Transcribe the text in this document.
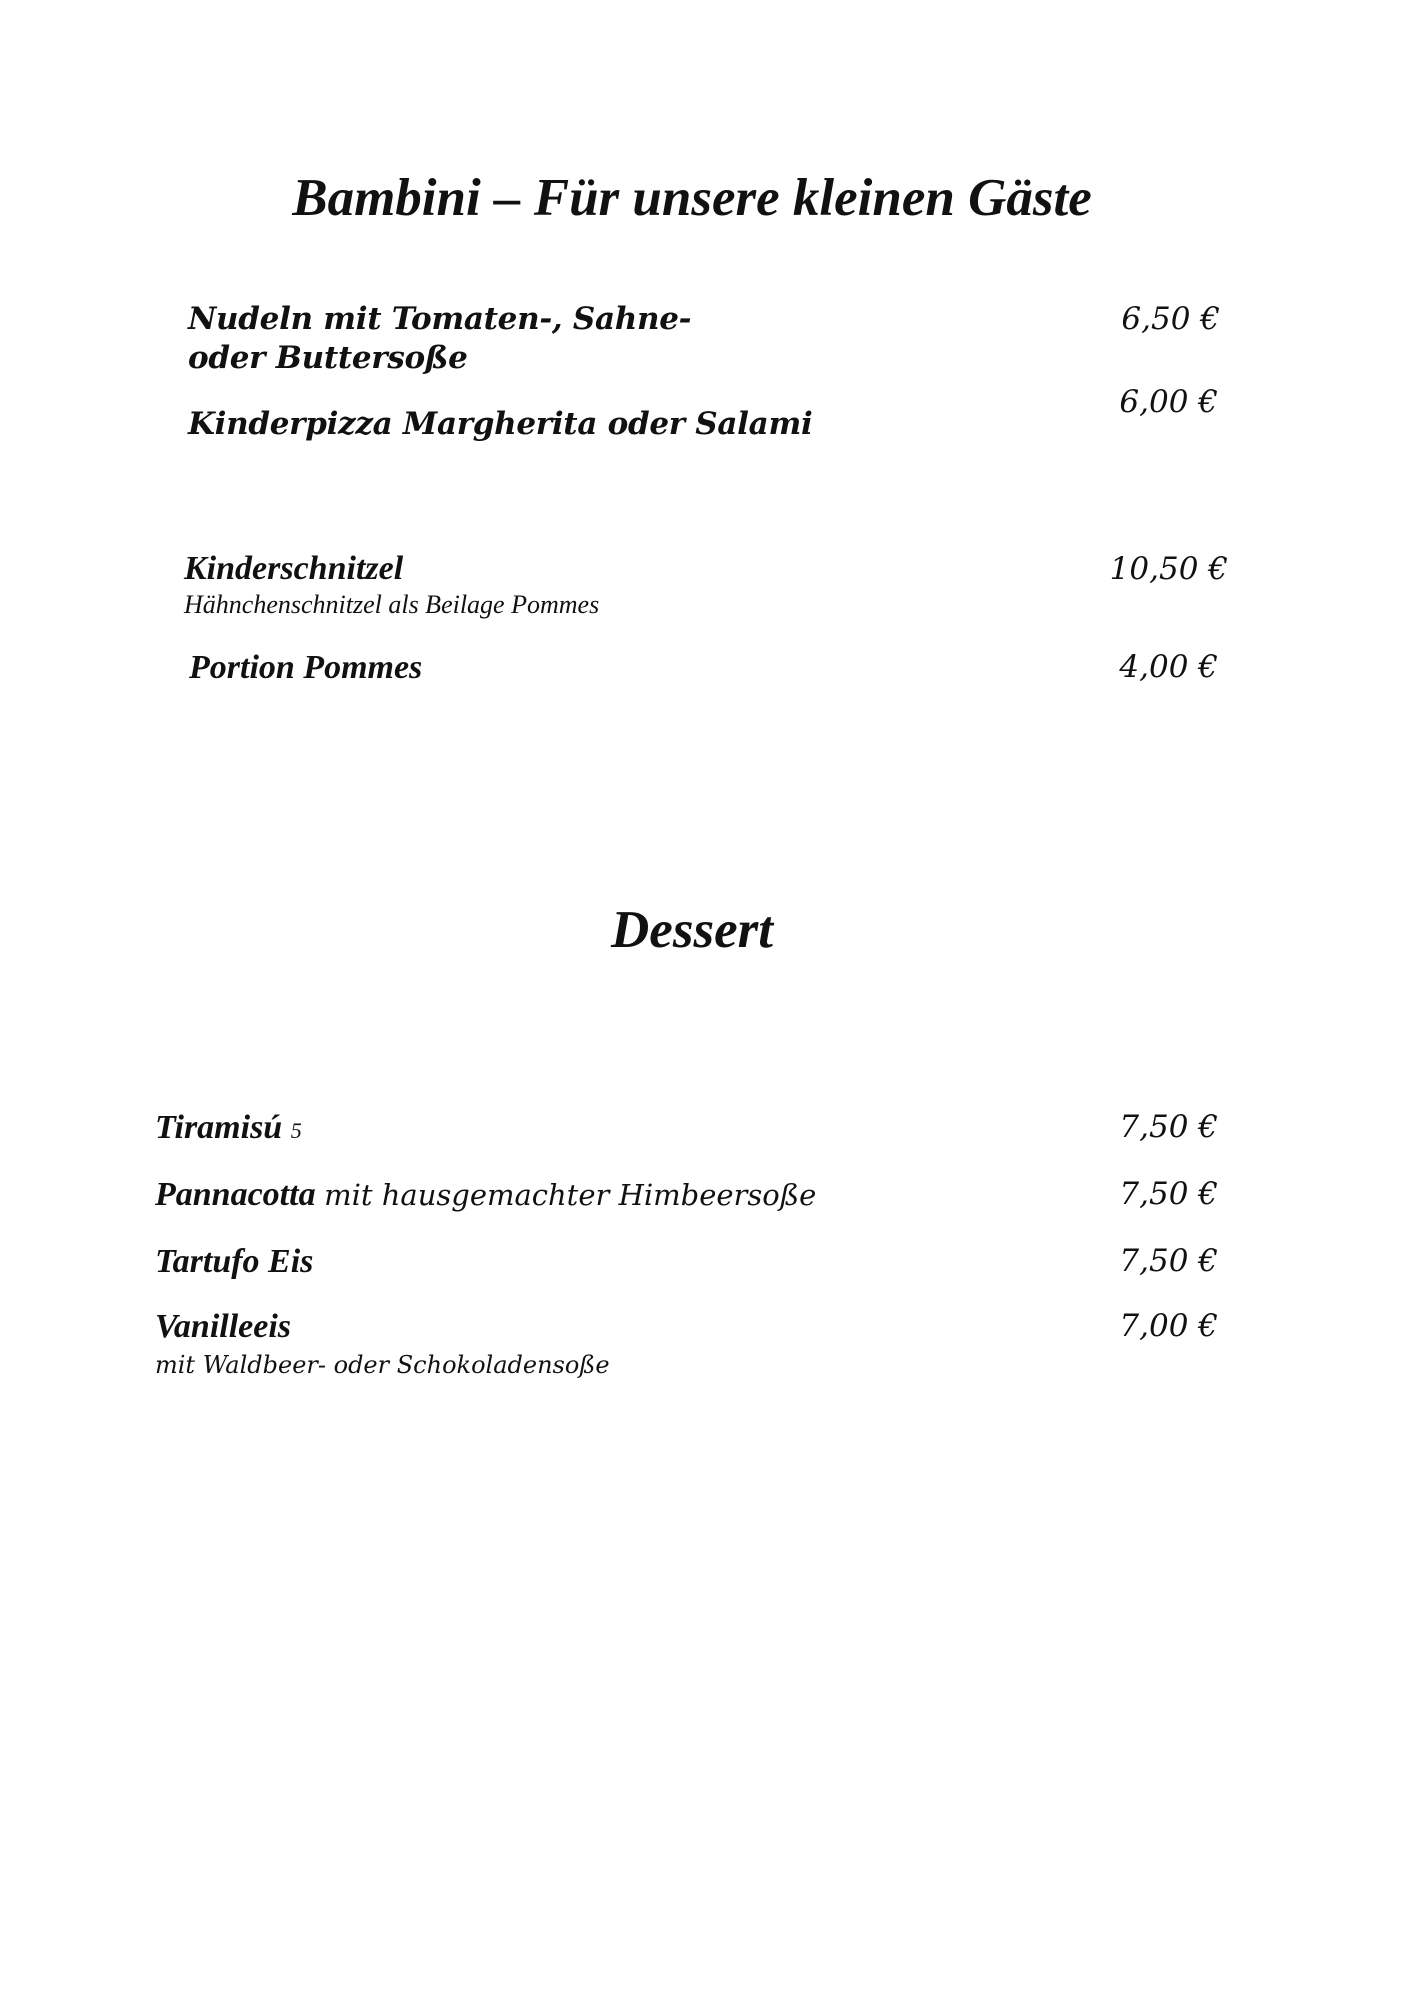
Bambini – Für unsere kleinen Gäste
Nudeln mit Tomaten-, Sahne- oder Buttersoße
6,50 €
Kinderpizza Margherita oder Salami
6,00 €
Kinderschnitzel
Hähnchenschnitzel als Beilage Pommes
10,50 €
Portion Pommes	4,00 €
Dessert
Tiramisú 5	7,50 €
Pannacotta mit hausgemachter Himbeersoße	7,50 €
Tartufo Eis	7,50 €
Vanilleeis
mit Waldbeer- oder Schokoladensoße
7,00 €
